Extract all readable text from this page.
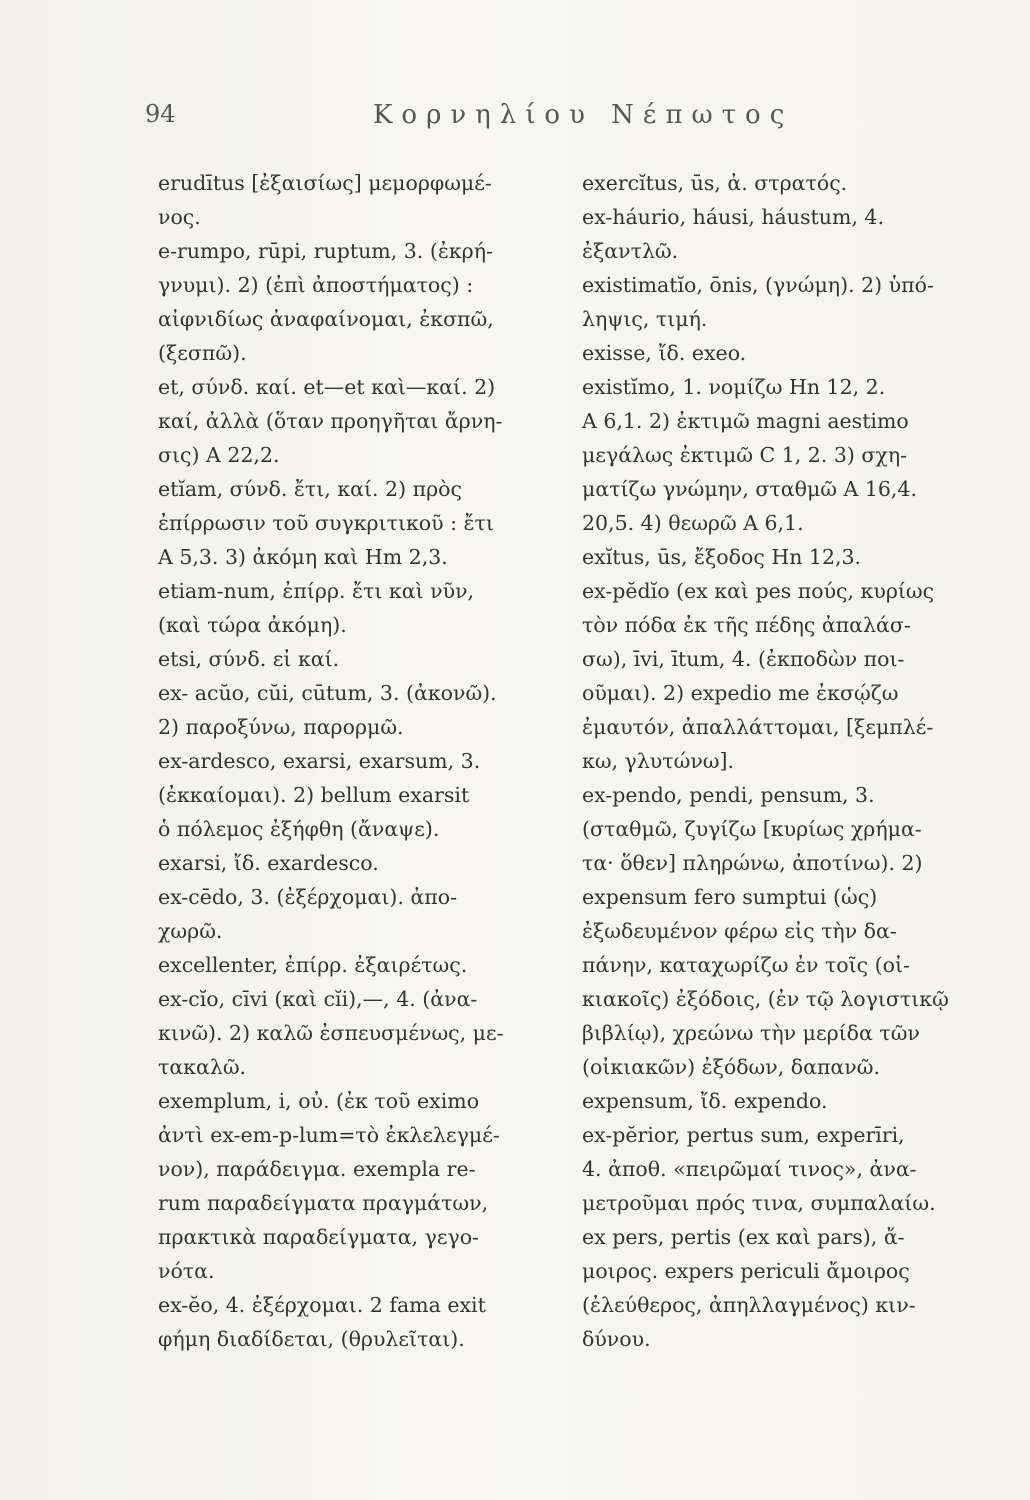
94	Κορνηλίου Νέπωτος
erudītus [ἐξαισίως] μεμορφωμέ-
νος.
e-rumpo, rūpi, ruptum, 3. (ἐκρή-
γνυμι). 2) (ἐπὶ ἀποστήματος) :
αἰφνιδίως ἀναφαίνομαι, ἐκσπῶ,
(ξεσπῶ).
et, σύνδ. καί. et—et καὶ—καί. 2)
καί, ἀλλὰ (ὅταν προηγῆται ἄρνη-
σις) A 22,2.
etĭam, σύνδ. ἔτι, καί. 2) πρὸς
ἐπίρρωσιν τοῦ συγκριτικοῦ : ἔτι
A 5,3. 3) ἀκόμη καὶ Hm 2,3.
etiam-num, ἐπίρρ. ἔτι καὶ νῦν,
(καὶ τώρα ἀκόμη).
etsi, σύνδ. εἰ καί.
ex- acŭo, cŭi, cūtum, 3. (ἀκονῶ).
2) παροξύνω, παρορμῶ.
ex-ardesco, exarsi, exarsum, 3.
(ἐκκαίομαι). 2) bellum exarsit
ὁ πόλεμος ἐξήφθη (ἄναψε).
exarsi, ἴδ. exardesco.
ex-cēdo, 3. (ἐξέρχομαι). ἀπο-
χωρῶ.
excellenter, ἐπίρρ. ἐξαιρέτως.
ex-cĭo, cīvi (καὶ cĭi),—, 4. (ἀνα-
κινῶ). 2) καλῶ ἐσπευσμένως, με-
τακαλῶ.
exemplum, i, οὐ. (ἐκ τοῦ eximo
ἀντὶ ex-em-p-lum=τὸ ἐκλελεγμέ-
νον), παράδειγμα. exempla re-
rum παραδείγματα πραγμάτων,
πρακτικὰ παραδείγματα, γεγο-
νότα.
ex-ĕo, 4. ἐξέρχομαι. 2 fama exit
φήμη διαδίδεται, (θρυλεῖται).
exercĭtus, ūs, ἀ. στρατός.
ex-háurio, háusi, háustum, 4.
ἐξαντλῶ.
existimatĭo, ōnis, (γνώμη). 2) ὑπό-
ληψις, τιμή.
exisse, ἴδ. exeo.
existĭmo, 1. νομίζω Hn 12, 2.
A 6,1. 2) ἐκτιμῶ magni aestimo
μεγάλως ἐκτιμῶ C 1, 2. 3) σχη-
ματίζω γνώμην, σταθμῶ A 16,4.
20,5. 4) θεωρῶ A 6,1.
exĭtus, ūs, ἔξοδος Hn 12,3.
ex-pĕdĭo (ex καὶ pes πούς, κυρίως
τὸν πόδα ἐκ τῆς πέδης ἀπαλάσ-
σω), īvi, ītum, 4. (ἐκποδὼν ποι-
οῦμαι). 2) expedio me ἐκσῴζω
ἐμαυτόν, ἀπαλλάττομαι, [ξεμπλέ-
κω, γλυτώνω].
ex-pendo, pendi, pensum, 3.
(σταθμῶ, ζυγίζω [κυρίως χρήμα-
τα· ὅθεν] πληρώνω, ἀποτίνω). 2)
expensum fero sumptui (ὡς)
ἐξωδευμένον φέρω εἰς τὴν δα-
πάνην, καταχωρίζω ἐν τοῖς (οἰ-
κιακοῖς) ἐξόδοις, (ἐν τῷ λογιστικῷ
βιβλίῳ), χρεώνω τὴν μερίδα τῶν
(οἰκιακῶν) ἐξόδων, δαπανῶ.
expensum, ἴδ. expendo.
ex-pĕrior, pertus sum, experīri,
4. ἀποθ. «πειρῶμαί τινος», ἀνα-
μετροῦμαι πρός τινα, συμπαλαίω.
ex pers, pertis (ex καὶ pars), ἄ-
μοιρος. expers periculi ἄμοιρος
(ἐλεύθερος, ἀπηλλαγμένος) κιν-
δύνου.
